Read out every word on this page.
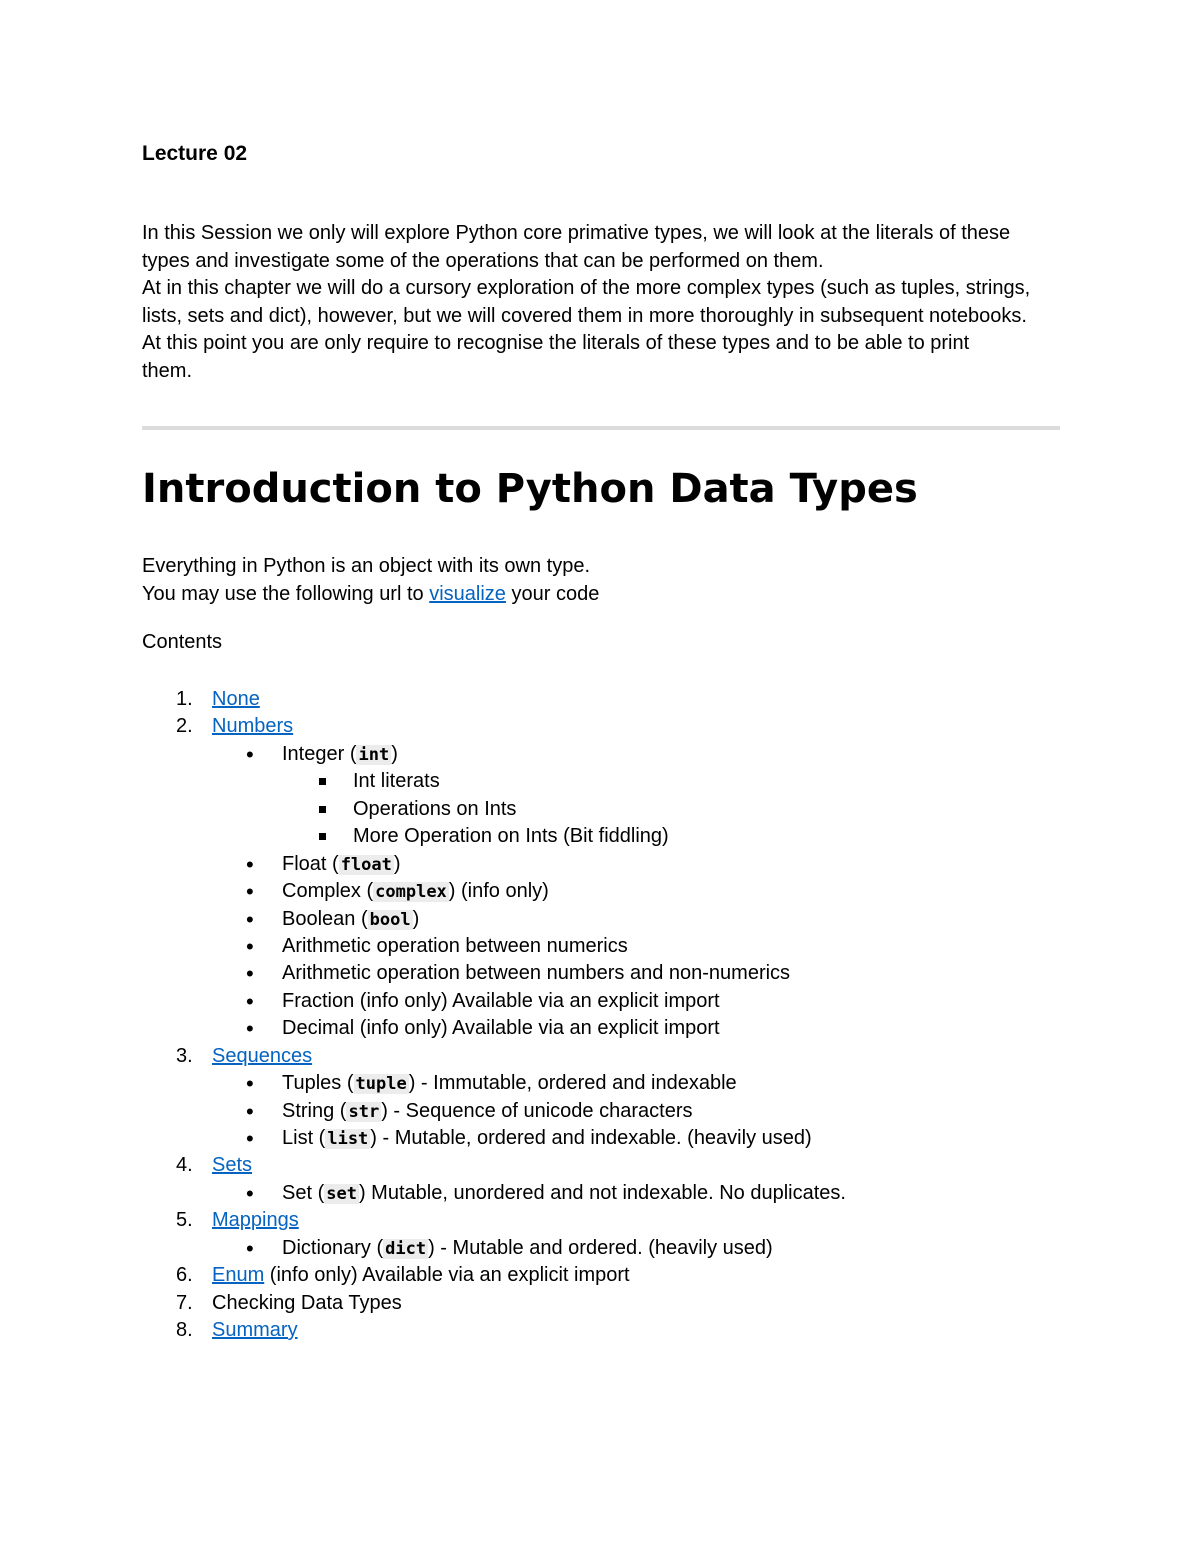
Lecture 02
In this Session we only will explore Python core primative types, we will look at the literals of these
types and investigate some of the operations that can be performed on them.
At in this chapter we will do a cursory exploration of the more complex types (such as tuples, strings,
lists, sets and dict), however, but we will covered them in more thoroughly in subsequent notebooks.
At this point you are only require to recognise the literals of these types and to be able to print
them.
Introduction to Python Data Types
Everything in Python is an object with its own type.
You may use the following url to visualize your code
Contents
1. None
2. Numbers
• Integer ( int )
Int literats
Operations on Ints
More Operation on Ints (Bit fiddling)
• Float ( float )
• Complex ( complex ) (info only)
• Boolean ( bool )
• Arithmetic operation between numerics
• Arithmetic operation between numbers and non-numerics
• Fraction (info only) Available via an explicit import
• Decimal (info only) Available via an explicit import
3. Sequences
• Tuples ( tuple ) - Immutable, ordered and indexable
• String ( str ) - Sequence of unicode characters
• List ( list ) - Mutable, ordered and indexable. (heavily used)
4. Sets
• Set ( set ) Mutable, unordered and not indexable. No duplicates.
5. Mappings
• Dictionary ( dict ) - Mutable and ordered. (heavily used)
6. Enum (info only) Available via an explicit import
7. Checking Data Types
8. Summary
